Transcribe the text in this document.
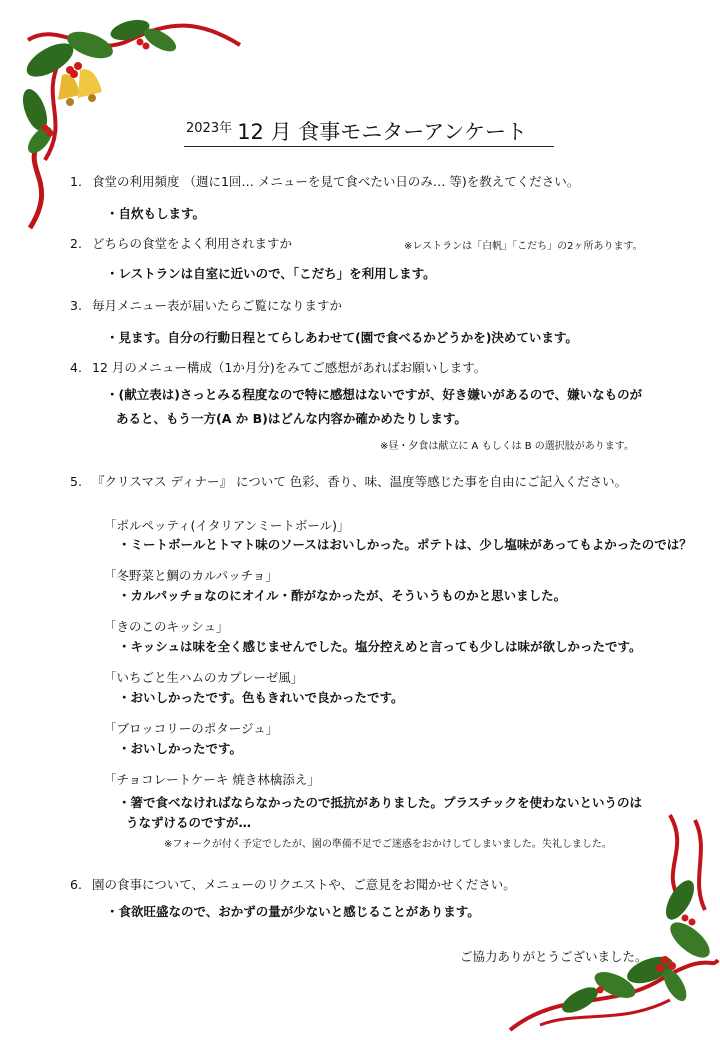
$^{2023年}$ 12 月 食事モニターアンケート
1. 食堂の利用頻度 （週に1回… メニューを見て食べたい日のみ… 等)を教えてください。
・自炊もします。
2. どちらの食堂をよく利用されますか	※レストランは「白帆」「こだち」の2ヶ所あります。
・レストランは自室に近いので、「こだち」を利用します。
3. 毎月メニュー表が届いたらご覧になりますか
・見ます。自分の行動日程とてらしあわせて(園で食べるかどうかを)決めています。
4. 12 月のメニュー構成（1か月分)をみてご感想があればお願いします。
・(献立表は)さっとみる程度なので特に感想はないですが、好き嫌いがあるので、嫌いなものが
あると、もう一方(A か B)はどんな内容か確かめたりします。
※昼・夕食は献立に A もしくは B の選択肢があります。
5. 『クリスマス ディナー』 について 色彩、香り、味、温度等感じた事を自由にご記入ください。
「ポルペッティ(イタリアンミートボール)」
・ミートボールとトマト味のソースはおいしかった。ポテトは、少し塩味があってもよかったのでは？
「冬野菜と鯛のカルパッチョ」
・カルパッチョなのにオイル・酢がなかったが、そういうものかと思いました。
「きのこのキッシュ」
・キッシュは味を全く感じませんでした。塩分控えめと言っても少しは味が欲しかったです。
「いちごと生ハムのカプレーゼ風」
・おいしかったです。色もきれいで良かったです。
「ブロッコリーのポタージュ」
・おいしかったです。
「チョコレートケーキ 焼き林檎添え」
・箸で食べなければならなかったので抵抗がありました。プラスチックを使わないというのは
うなずけるのですが…
※フォークが付く予定でしたが、園の準備不足でご迷惑をおかけしてしまいました。失礼しました。
6. 園の食事について、メニューのリクエストや、ご意見をお聞かせください。
・食欲旺盛なので、おかずの量が少ないと感じることがあります。
ご協力ありがとうございました。
